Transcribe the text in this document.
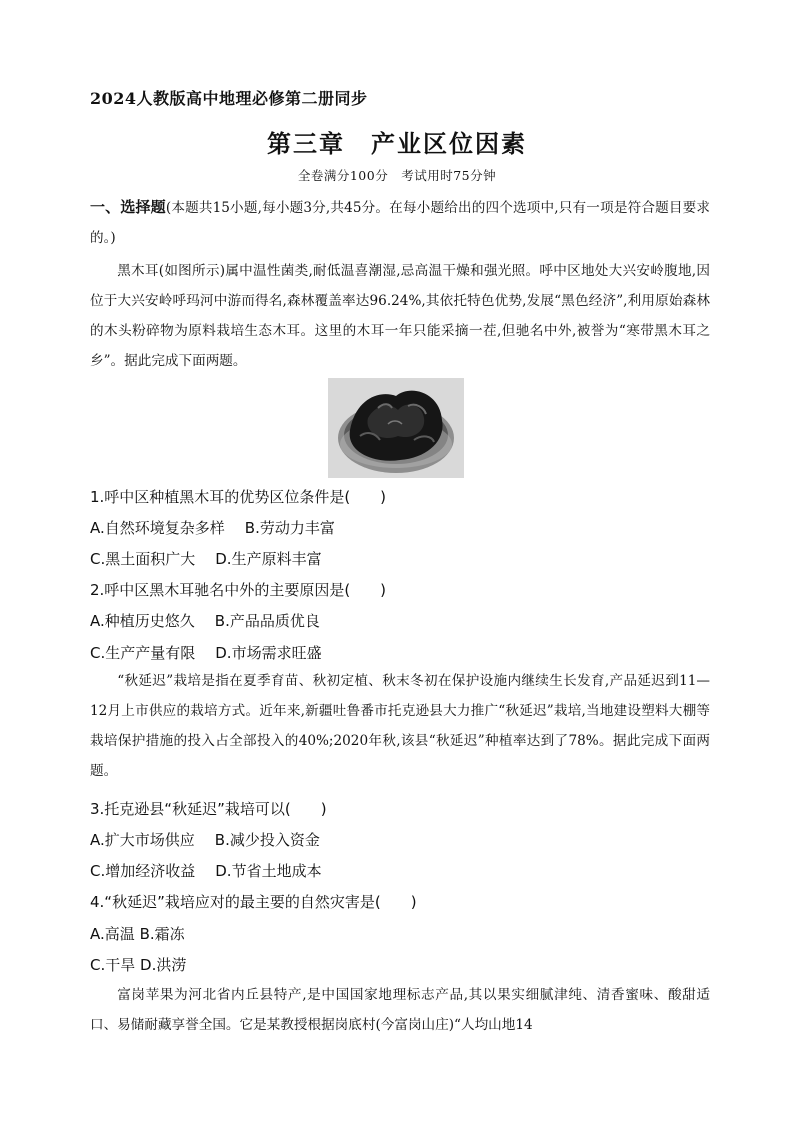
2024人教版高中地理必修第二册同步
第三章 产业区位因素
全卷满分100分　考试用时75分钟
一、选择题(本题共15小题,每小题3分,共45分。在每小题给出的四个选项中,只有一项是符合题目要求的。)
黑木耳(如图所示)属中温性菌类,耐低温喜潮湿,忌高温干燥和强光照。呼中区地处大兴安岭腹地,因位于大兴安岭呼玛河中游而得名,森林覆盖率达96.24%,其依托特色优势,发展“黑色经济”,利用原始森林的木头粉碎物为原料栽培生态木耳。这里的木耳一年只能采摘一茬,但驰名中外,被誉为“寒带黑木耳之乡”。据此完成下面两题。
1.呼中区种植黑木耳的优势区位条件是(　　)
A.自然环境复杂多样 B.劳动力丰富
C.黑土面积广大 D.生产原料丰富
2.呼中区黑木耳驰名中外的主要原因是(　　)
A.种植历史悠久 B.产品品质优良
C.生产产量有限 D.市场需求旺盛
“秋延迟”栽培是指在夏季育苗、秋初定植、秋末冬初在保护设施内继续生长发育,产品延迟到11—12月上市供应的栽培方式。近年来,新疆吐鲁番市托克逊县大力推广“秋延迟”栽培,当地建设塑料大棚等栽培保护措施的投入占全部投入的40%;2020年秋,该县“秋延迟”种植率达到了78%。据此完成下面两题。
3.托克逊县“秋延迟”栽培可以(　　)
A.扩大市场供应 B.减少投入资金
C.增加经济收益 D.节省土地成本
4.“秋延迟”栽培应对的最主要的自然灾害是(　　)
A.高温 B.霜冻
C.干旱 D.洪涝
富岗苹果为河北省内丘县特产,是中国国家地理标志产品,其以果实细腻津纯、清香蜜味、酸甜适口、易储耐藏享誉全国。它是某教授根据岗底村(今富岗山庄)“人均山地14
